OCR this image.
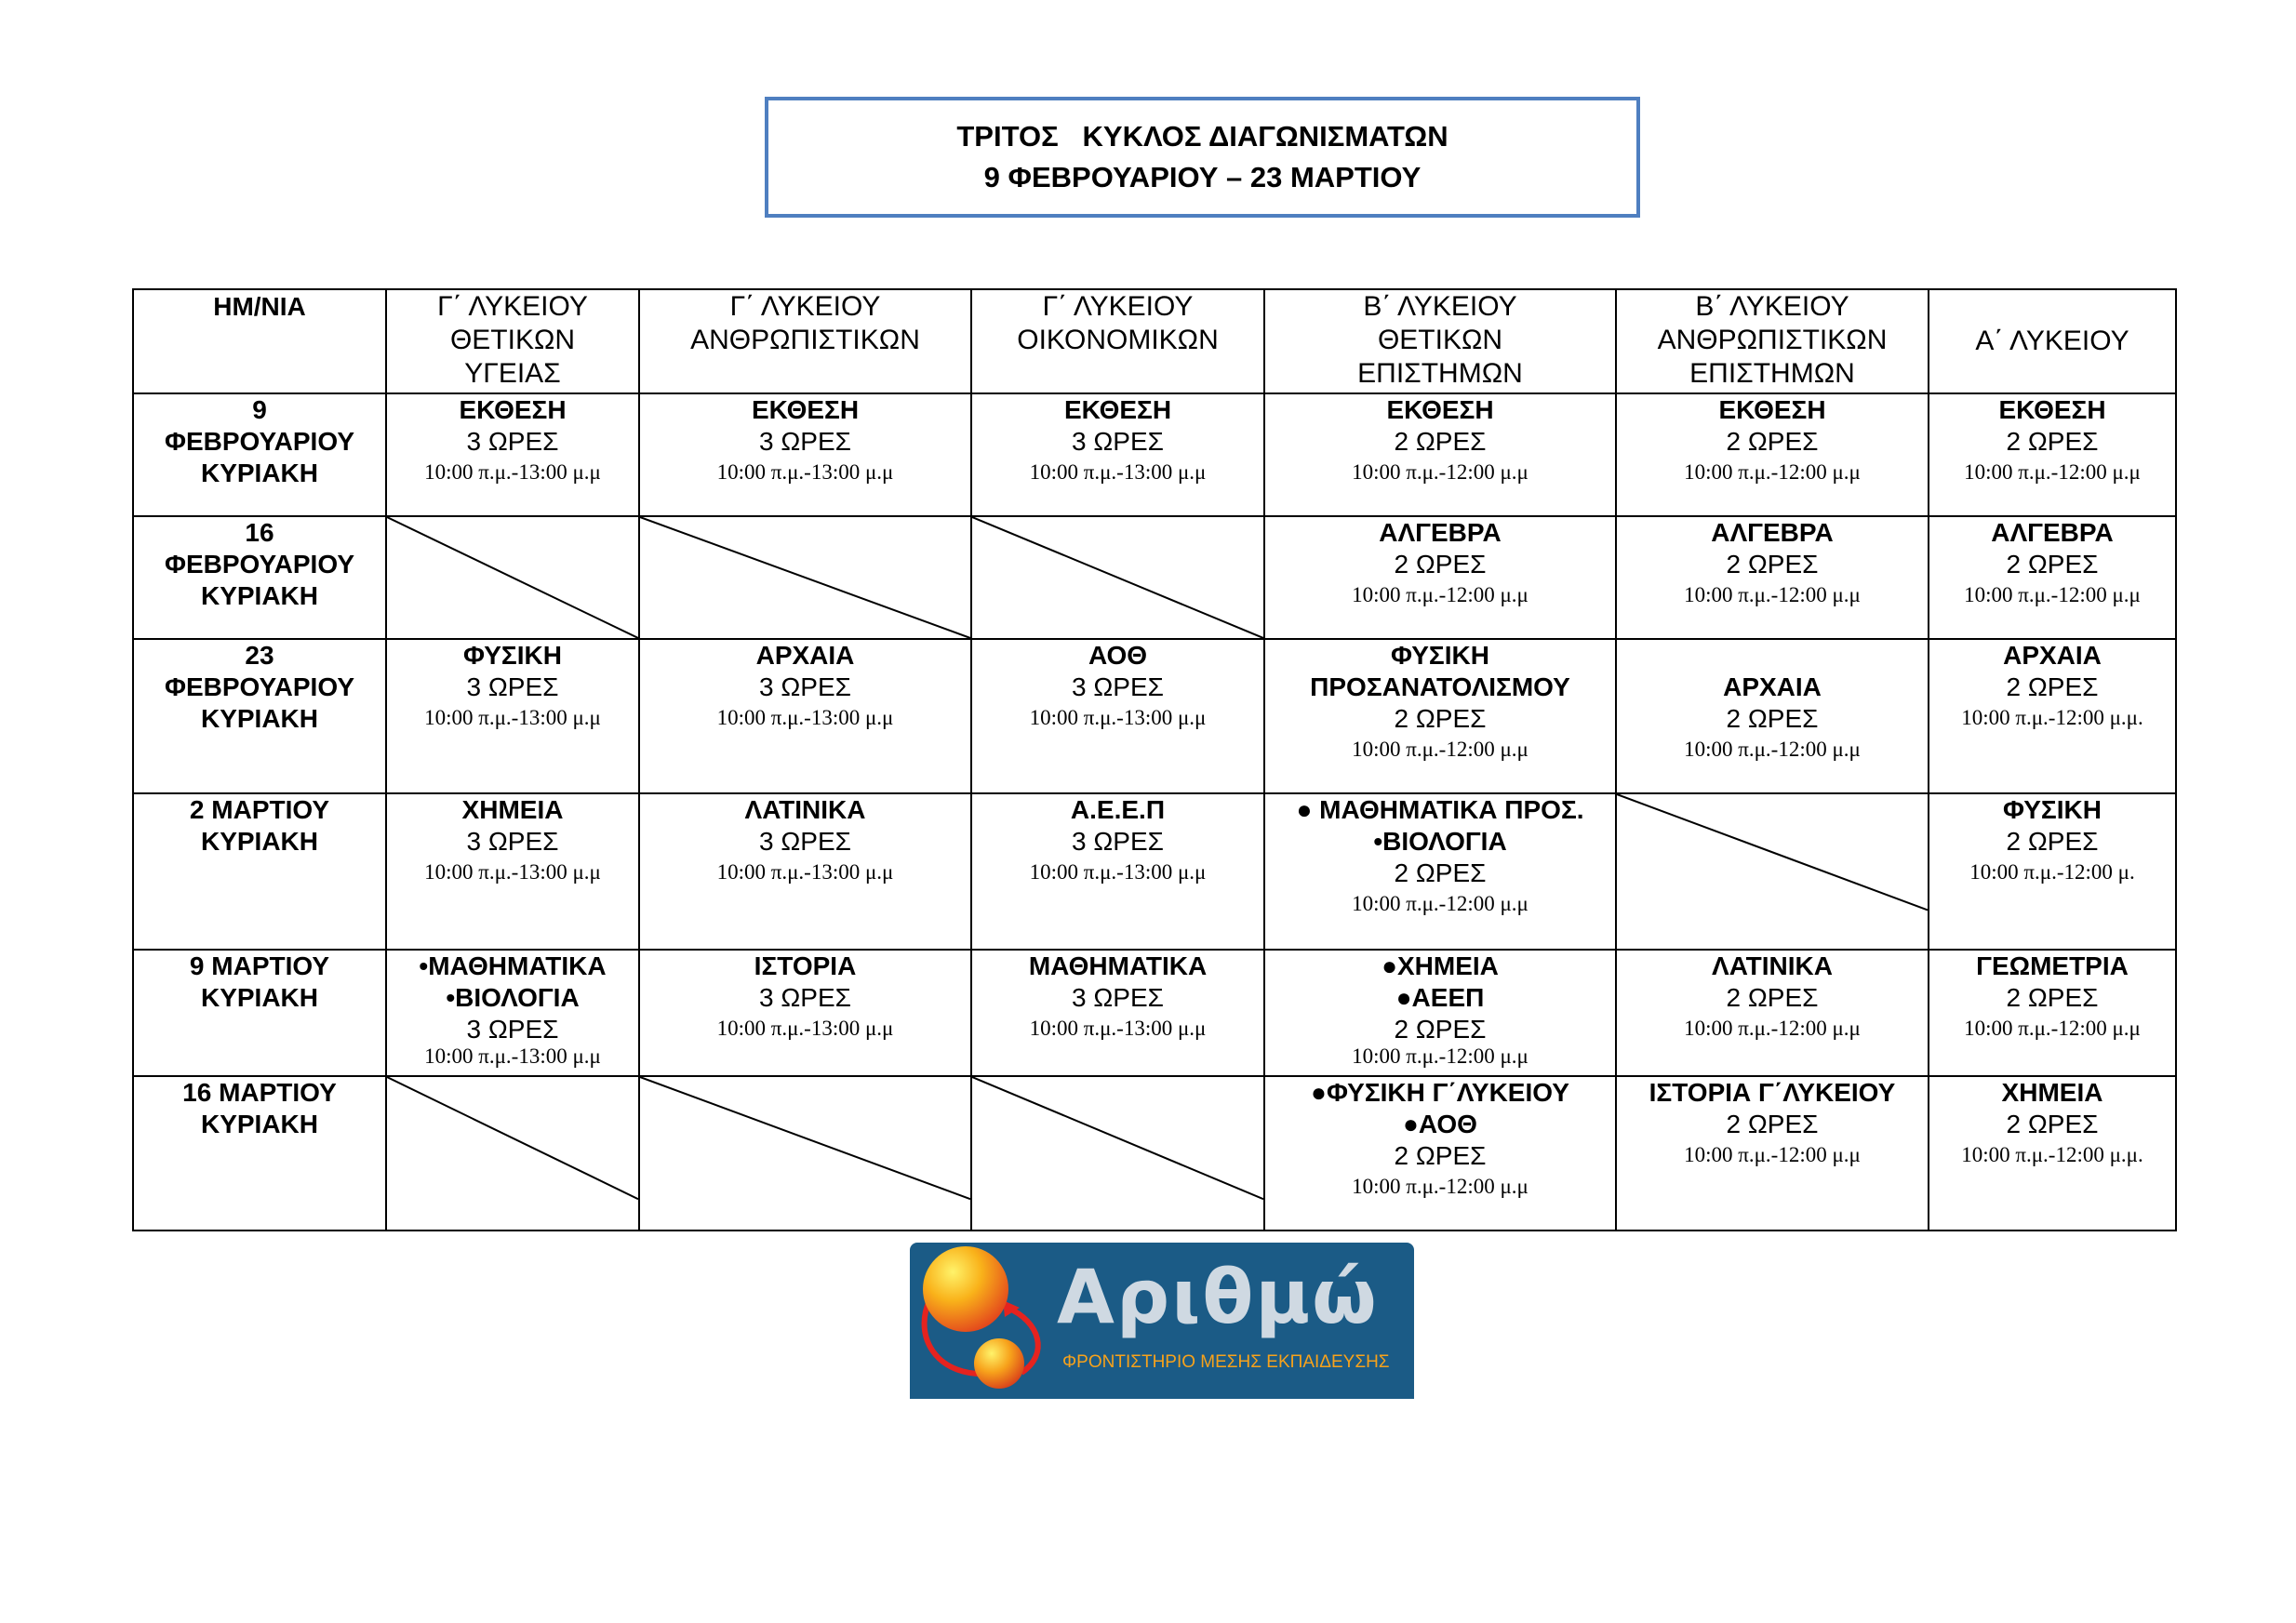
ΤΡΙΤΟΣ   ΚΥΚΛΟΣ ΔΙΑΓΩΝΙΣΜΑΤΩΝ
9 ΦΕΒΡΟΥΑΡΙΟΥ – 23 ΜΑΡΤΙΟΥ
ΗΜ/ΝΙΑ	Γ΄ ΛΥΚΕΙΟΥ
ΘΕΤΙΚΩΝ
ΥΓΕΙΑΣ	Γ΄ ΛΥΚΕΙΟΥ
ΑΝΘΡΩΠΙΣΤΙΚΩΝ	Γ΄ ΛΥΚΕΙΟΥ
ΟΙΚΟΝΟΜΙΚΩΝ	Β΄ ΛΥΚΕΙΟΥ
ΘΕΤΙΚΩΝ
ΕΠΙΣΤΗΜΩΝ	Β΄ ΛΥΚΕΙΟΥ
ΑΝΘΡΩΠΙΣΤΙΚΩΝ
ΕΠΙΣΤΗΜΩΝ	Α΄ ΛΥΚΕΙΟΥ

9
ΦΕΒΡΟΥΑΡΙΟΥ
ΚΥΡΙΑΚΗ	ΕΚΘΕΣΗ
3 ΩΡΕΣ
10:00 π.μ.-13:00 μ.μ	ΕΚΘΕΣΗ
3 ΩΡΕΣ
10:00 π.μ.-13:00 μ.μ	ΕΚΘΕΣΗ
3 ΩΡΕΣ
10:00 π.μ.-13:00 μ.μ	ΕΚΘΕΣΗ
2 ΩΡΕΣ
10:00 π.μ.-12:00 μ.μ	ΕΚΘΕΣΗ
2 ΩΡΕΣ
10:00 π.μ.-12:00 μ.μ	ΕΚΘΕΣΗ
2 ΩΡΕΣ
10:00 π.μ.-12:00 μ.μ

16
ΦΕΒΡΟΥΑΡΙΟΥ
ΚΥΡΙΑΚΗ				ΑΛΓΕΒΡΑ
2 ΩΡΕΣ
10:00 π.μ.-12:00 μ.μ	ΑΛΓΕΒΡΑ
2 ΩΡΕΣ
10:00 π.μ.-12:00 μ.μ	ΑΛΓΕΒΡΑ
2 ΩΡΕΣ
10:00 π.μ.-12:00 μ.μ

23
ΦΕΒΡΟΥΑΡΙΟΥ
ΚΥΡΙΑΚΗ	ΦΥΣΙΚΗ
3 ΩΡΕΣ
10:00 π.μ.-13:00 μ.μ	ΑΡΧΑΙΑ
3 ΩΡΕΣ
10:00 π.μ.-13:00 μ.μ	ΑΟΘ
3 ΩΡΕΣ
10:00 π.μ.-13:00 μ.μ	ΦΥΣΙΚΗ
ΠΡΟΣΑΝΑΤΟΛΙΣΜΟΥ
2 ΩΡΕΣ
10:00 π.μ.-12:00 μ.μ	ΑΡΧΑΙΑ
2 ΩΡΕΣ
10:00 π.μ.-12:00 μ.μ	ΑΡΧΑΙΑ
2 ΩΡΕΣ
10:00 π.μ.-12:00 μ.μ.

2 ΜΑΡΤΙΟΥ
ΚΥΡΙΑΚΗ	ΧΗΜΕΙΑ
3 ΩΡΕΣ
10:00 π.μ.-13:00 μ.μ	ΛΑΤΙΝΙΚΑ
3 ΩΡΕΣ
10:00 π.μ.-13:00 μ.μ	Α.Ε.Ε.Π
3 ΩΡΕΣ
10:00 π.μ.-13:00 μ.μ	● ΜΑΘΗΜΑΤΙΚΑ ΠΡΟΣ.
•ΒΙΟΛΟΓΙΑ
2 ΩΡΕΣ
10:00 π.μ.-12:00 μ.μ		ΦΥΣΙΚΗ
2 ΩΡΕΣ
10:00 π.μ.-12:00 μ.

9 ΜΑΡΤΙΟΥ
ΚΥΡΙΑΚΗ	•ΜΑΘΗΜΑΤΙΚΑ
•ΒΙΟΛΟΓΙΑ
3 ΩΡΕΣ
10:00 π.μ.-13:00 μ.μ	ΙΣΤΟΡΙΑ
3 ΩΡΕΣ
10:00 π.μ.-13:00 μ.μ	ΜΑΘΗΜΑΤΙΚΑ
3 ΩΡΕΣ
10:00 π.μ.-13:00 μ.μ	●ΧΗΜΕΙΑ
●ΑΕΕΠ
2 ΩΡΕΣ
10:00 π.μ.-12:00 μ.μ	ΛΑΤΙΝΙΚΑ
2 ΩΡΕΣ
10:00 π.μ.-12:00 μ.μ	ΓΕΩΜΕΤΡΙΑ
2 ΩΡΕΣ
10:00 π.μ.-12:00 μ.μ

16 ΜΑΡΤΙΟΥ
ΚΥΡΙΑΚΗ				●ΦΥΣΙΚΗ Γ΄ΛΥΚΕΙΟΥ
●ΑΟΘ
2 ΩΡΕΣ
10:00 π.μ.-12:00 μ.μ	ΙΣΤΟΡΙΑ Γ΄ΛΥΚΕΙΟΥ
2 ΩΡΕΣ
10:00 π.μ.-12:00 μ.μ	ΧΗΜΕΙΑ
2 ΩΡΕΣ
10:00 π.μ.-12:00 μ.μ.
Αριθμώ
ΦΡΟΝΤΙΣΤΗΡΙΟ ΜΕΣΗΣ ΕΚΠΑΙΔΕΥΣΗΣ
